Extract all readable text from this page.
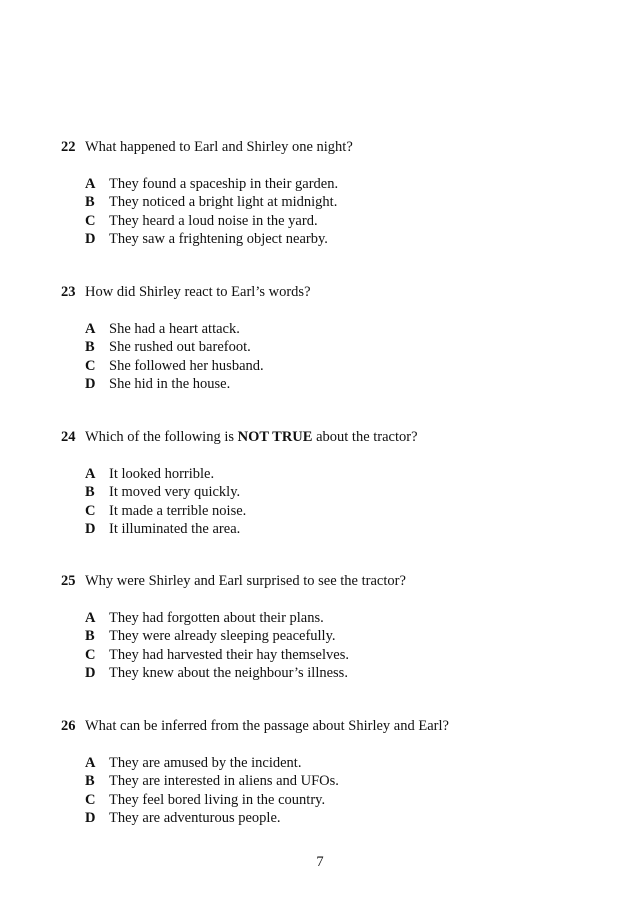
22 What happened to Earl and Shirley one night?
A They found a spaceship in their garden.
B They noticed a bright light at midnight.
C They heard a loud noise in the yard.
D They saw a frightening object nearby.
23 How did Shirley react to Earl’s words?
A She had a heart attack.
B She rushed out barefoot.
C She followed her husband.
D She hid in the house.
24 Which of the following is NOT TRUE about the tractor?
A It looked horrible.
B It moved very quickly.
C It made a terrible noise.
D It illuminated the area.
25 Why were Shirley and Earl surprised to see the tractor?
A They had forgotten about their plans.
B They were already sleeping peacefully.
C They had harvested their hay themselves.
D They knew about the neighbour’s illness.
26 What can be inferred from the passage about Shirley and Earl?
A They are amused by the incident.
B They are interested in aliens and UFOs.
C They feel bored living in the country.
D They are adventurous people.
7
